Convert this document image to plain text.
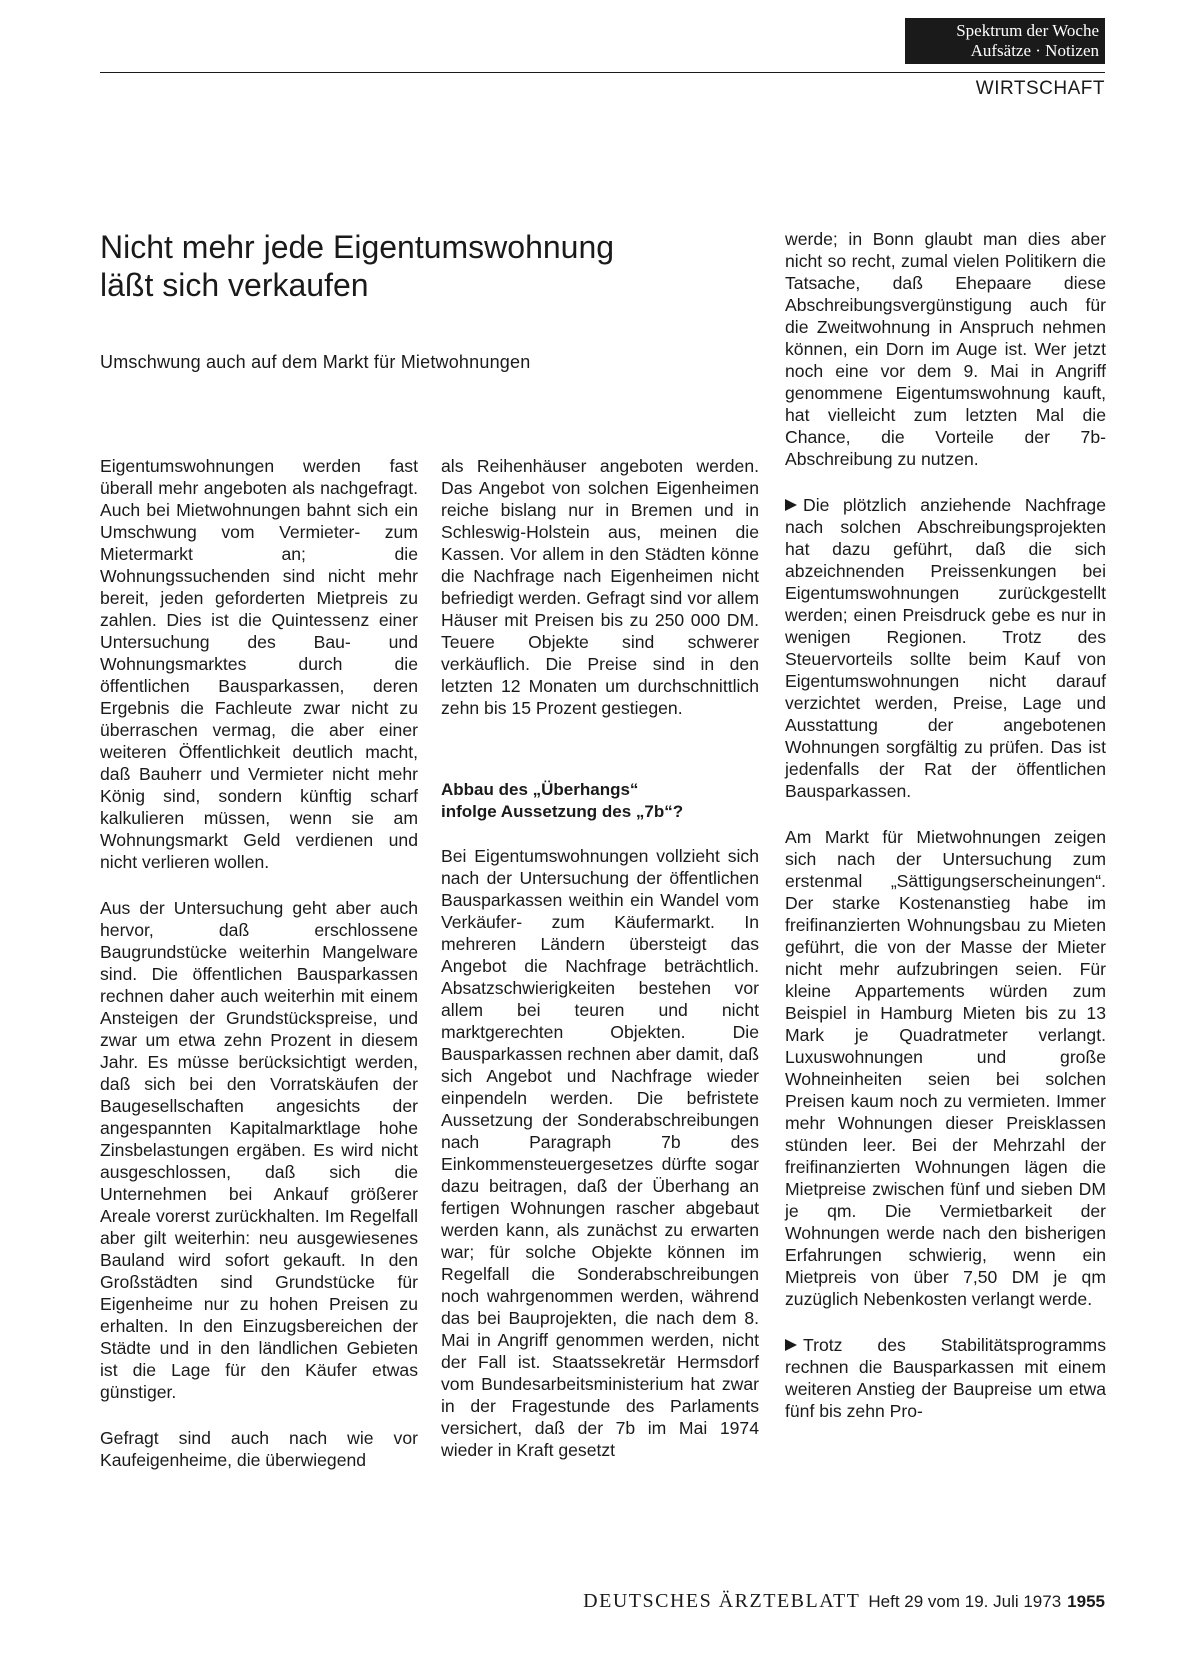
Spektrum der Woche
Aufsätze · Notizen
WIRTSCHAFT
Nicht mehr jede Eigentumswohnung
läßt sich verkaufen

Umschwung auch auf dem Markt für Mietwohnungen

Eigentumswohnungen werden fast überall mehr angeboten als nachgefragt. Auch bei Mietwohnungen bahnt sich ein Umschwung vom Vermieter- zum Mietermarkt an; die Wohnungssuchenden sind nicht mehr bereit, jeden geforderten Mietpreis zu zahlen. Dies ist die Quintessenz einer Untersuchung des Bau- und Wohnungsmarktes durch die öffentlichen Bausparkassen, deren Ergebnis die Fachleute zwar nicht zu überraschen vermag, die aber einer weiteren Öffentlichkeit deutlich macht, daß Bauherr und Vermieter nicht mehr König sind, sondern künftig scharf kalkulieren müssen, wenn sie am Wohnungsmarkt Geld verdienen und nicht verlieren wollen.

Aus der Untersuchung geht aber auch hervor, daß erschlossene Baugrundstücke weiterhin Mangelware sind. Die öffentlichen Bausparkassen rechnen daher auch weiterhin mit einem Ansteigen der Grundstückspreise, und zwar um etwa zehn Prozent in diesem Jahr. Es müsse berücksichtigt werden, daß sich bei den Vorratskäufen der Baugesellschaften angesichts der angespannten Kapitalmarktlage hohe Zinsbelastungen ergäben. Es wird nicht ausgeschlossen, daß sich die Unternehmen bei Ankauf größerer Areale vorerst zurückhalten. Im Regelfall aber gilt weiterhin: neu ausgewiesenes Bauland wird sofort gekauft. In den Großstädten sind Grundstücke für Eigenheime nur zu hohen Preisen zu erhalten. In den Einzugsbereichen der Städte und in den ländlichen Gebieten ist die Lage für den Käufer etwas günstiger.

Gefragt sind auch nach wie vor Kaufeigenheime, die überwiegend

als Reihenhäuser angeboten werden. Das Angebot von solchen Eigenheimen reiche bislang nur in Bremen und in Schleswig-Holstein aus, meinen die Kassen. Vor allem in den Städten könne die Nachfrage nach Eigenheimen nicht befriedigt werden. Gefragt sind vor allem Häuser mit Preisen bis zu 250 000 DM. Teuere Objekte sind schwerer verkäuflich. Die Preise sind in den letzten 12 Monaten um durchschnittlich zehn bis 15 Prozent gestiegen.

Abbau des „Überhangs“
infolge Aussetzung des „7b“?

Bei Eigentumswohnungen vollzieht sich nach der Untersuchung der öffentlichen Bausparkassen weithin ein Wandel vom Verkäufer- zum Käufermarkt. In mehreren Ländern übersteigt das Angebot die Nachfrage beträchtlich. Absatzschwierigkeiten bestehen vor allem bei teuren und nicht marktgerechten Objekten. Die Bausparkassen rechnen aber damit, daß sich Angebot und Nachfrage wieder einpendeln werden. Die befristete Aussetzung der Sonderabschreibungen nach Paragraph 7b des Einkommensteuergesetzes dürfte sogar dazu beitragen, daß der Überhang an fertigen Wohnungen rascher abgebaut werden kann, als zunächst zu erwarten war; für solche Objekte können im Regelfall die Sonderabschreibungen noch wahrgenommen werden, während das bei Bauprojekten, die nach dem 8. Mai in Angriff genommen werden, nicht der Fall ist. Staatssekretär Hermsdorf vom Bundesarbeitsministerium hat zwar in der Fragestunde des Parlaments versichert, daß der 7b im Mai 1974 wieder in Kraft gesetzt

werde; in Bonn glaubt man dies aber nicht so recht, zumal vielen Politikern die Tatsache, daß Ehepaare diese Abschreibungsvergünstigung auch für die Zweitwohnung in Anspruch nehmen können, ein Dorn im Auge ist. Wer jetzt noch eine vor dem 9. Mai in Angriff genommene Eigentumswohnung kauft, hat vielleicht zum letzten Mal die Chance, die Vorteile der 7b-Abschreibung zu nutzen.

Die plötzlich anziehende Nachfrage nach solchen Abschreibungsprojekten hat dazu geführt, daß die sich abzeichnenden Preissenkungen bei Eigentumswohnungen zurückgestellt werden; einen Preisdruck gebe es nur in wenigen Regionen. Trotz des Steuervorteils sollte beim Kauf von Eigentumswohnungen nicht darauf verzichtet werden, Preise, Lage und Ausstattung der angebotenen Wohnungen sorgfältig zu prüfen. Das ist jedenfalls der Rat der öffentlichen Bausparkassen.

Am Markt für Mietwohnungen zeigen sich nach der Untersuchung zum erstenmal „Sättigungserscheinungen“. Der starke Kostenanstieg habe im freifinanzierten Wohnungsbau zu Mieten geführt, die von der Masse der Mieter nicht mehr aufzubringen seien. Für kleine Appartements würden zum Beispiel in Hamburg Mieten bis zu 13 Mark je Quadratmeter verlangt. Luxuswohnungen und große Wohneinheiten seien bei solchen Preisen kaum noch zu vermieten. Immer mehr Wohnungen dieser Preisklassen stünden leer. Bei der Mehrzahl der freifinanzierten Wohnungen lägen die Mietpreise zwischen fünf und sieben DM je qm. Die Vermietbarkeit der Wohnungen werde nach den bisherigen Erfahrungen schwierig, wenn ein Mietpreis von über 7,50 DM je qm zuzüglich Nebenkosten verlangt werde.

Trotz des Stabilitätsprogramms rechnen die Bausparkassen mit einem weiteren Anstieg der Baupreise um etwa fünf bis zehn Pro-

DEUTSCHES ÄRZTEBLATT Heft 29 vom 19. Juli 1973 1955
